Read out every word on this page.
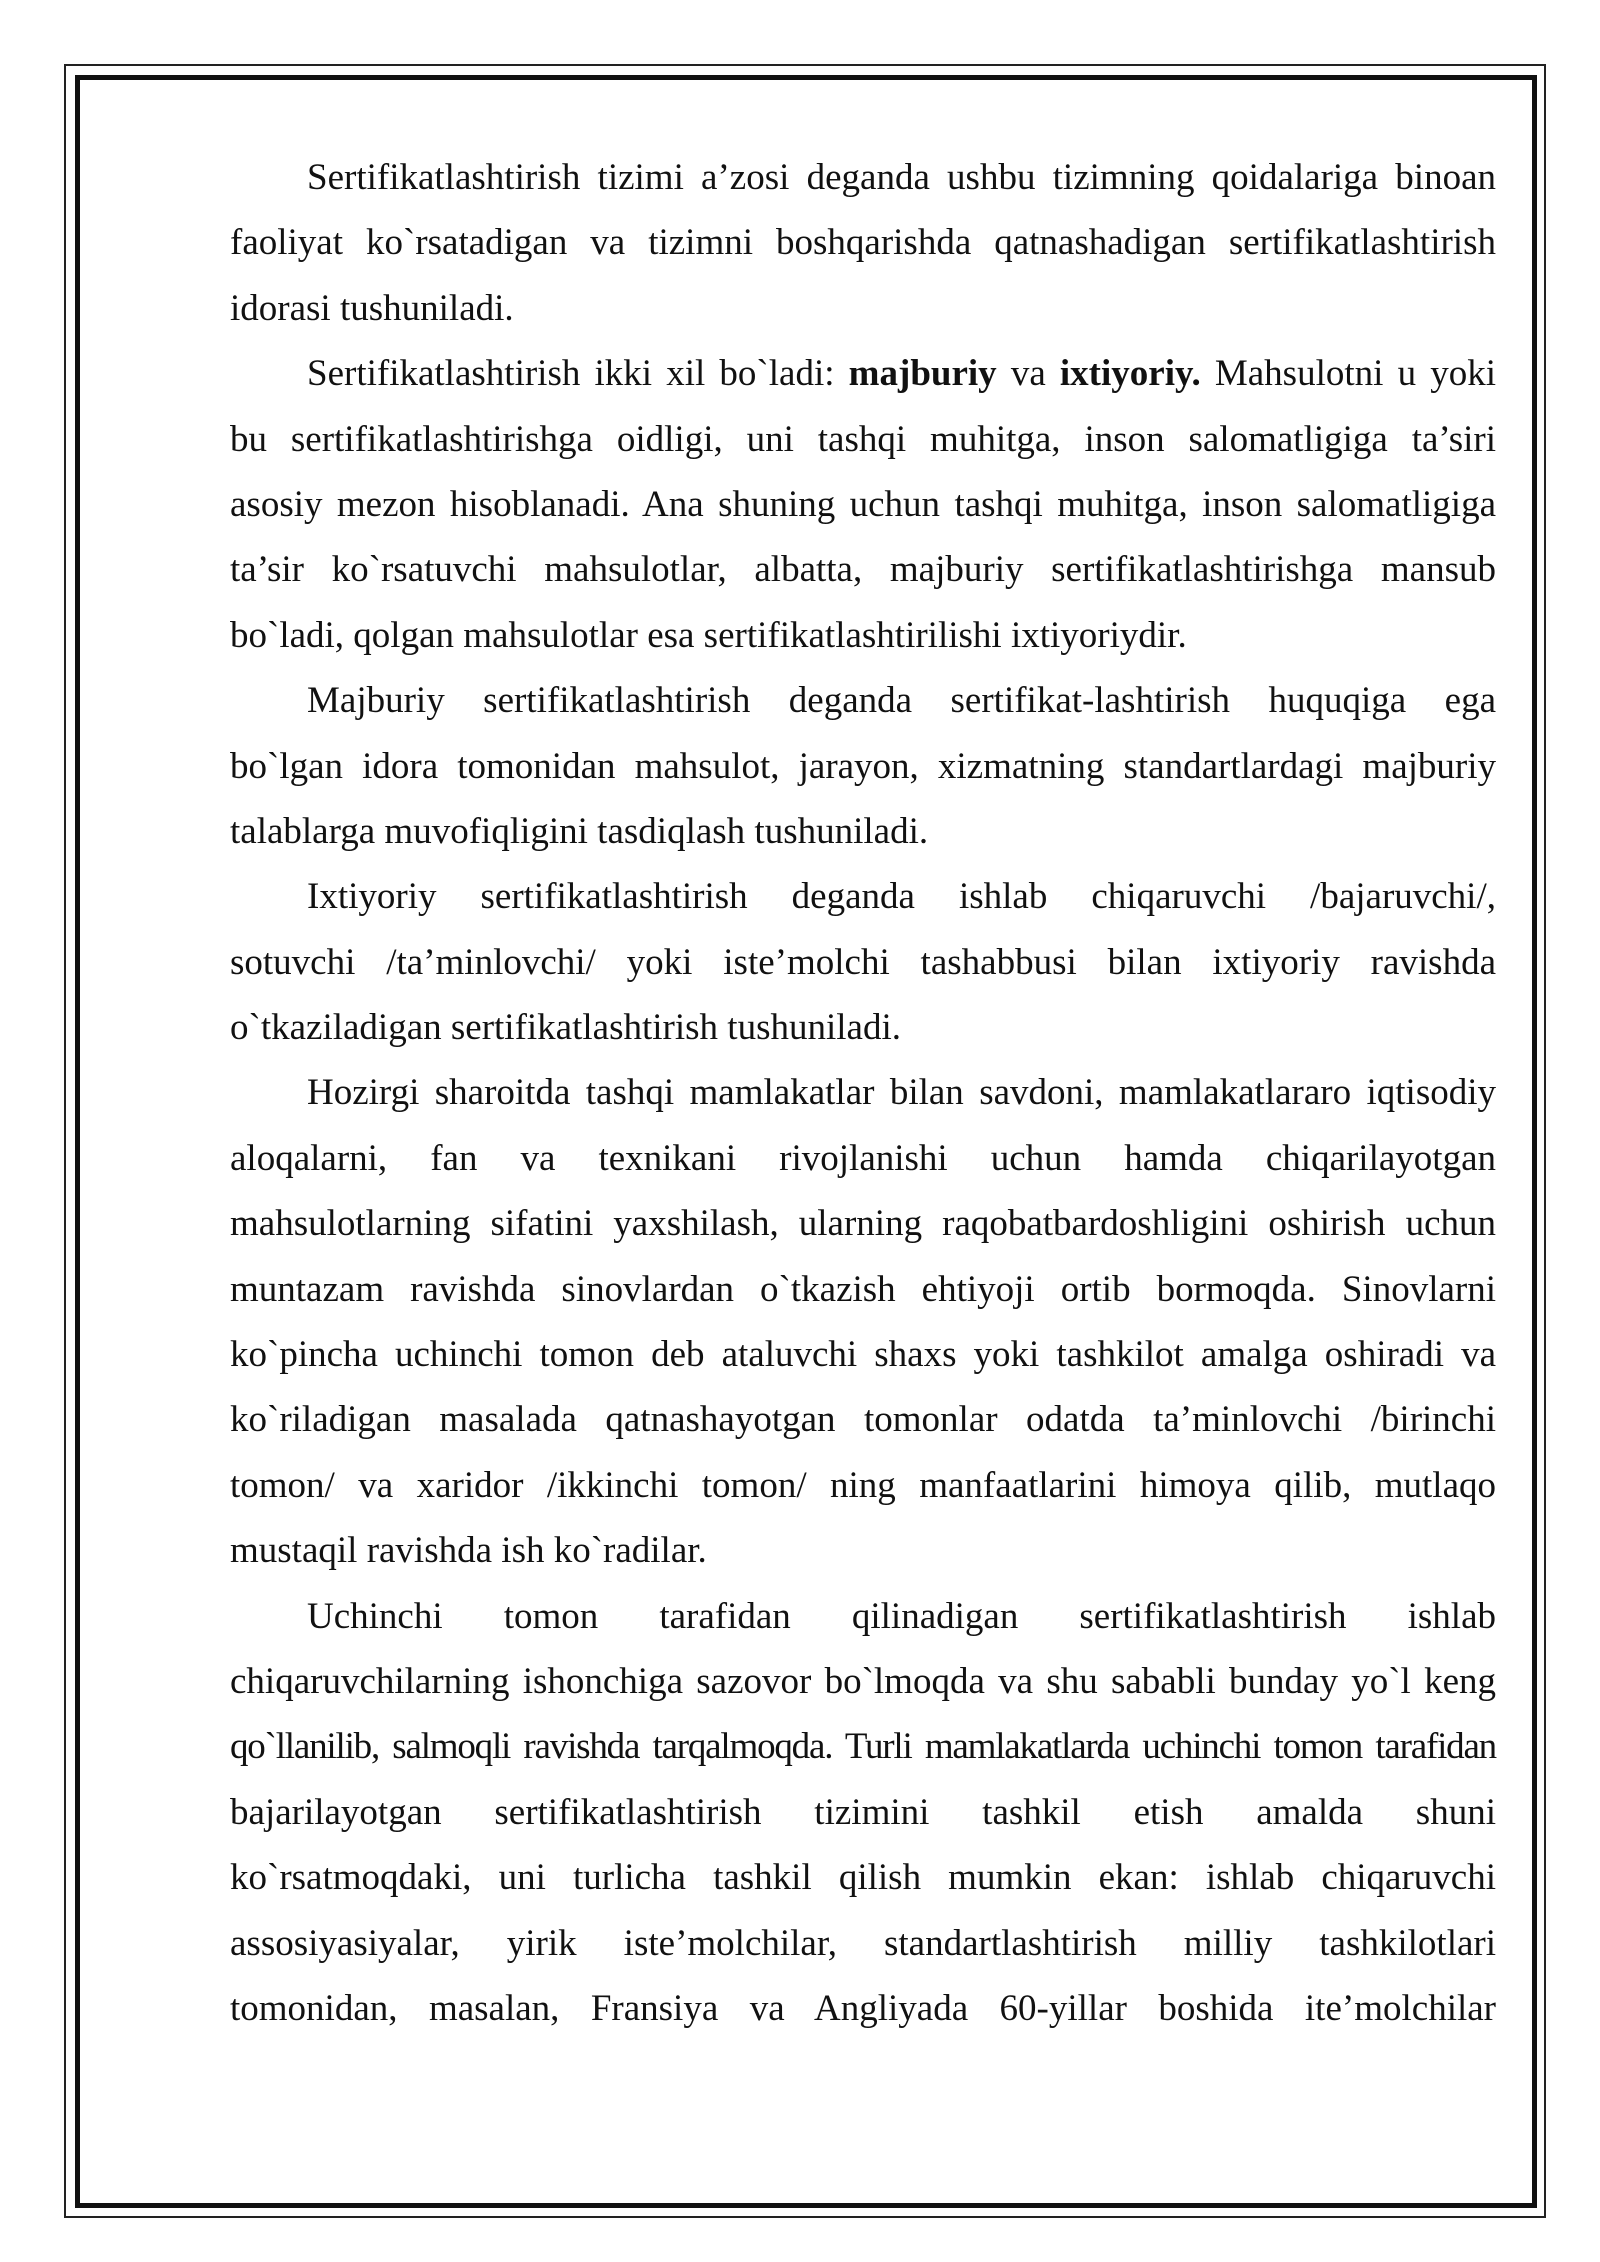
Sertifikatlashtirish tizimi a’zosi deganda ushbu tizimning qoidalariga binoan
faoliyat ko`rsatadigan va tizimni boshqarishda qatnashadigan sertifikatlashtirish
idorasi tushuniladi.
Sertifikatlashtirish ikki xil bo`ladi: majburiy va ixtiyoriy. Mahsulotni u yoki
bu sertifikatlashtirishga oidligi, uni tashqi muhitga, inson salomatligiga ta’siri
asosiy mezon hisoblanadi. Ana shuning uchun tashqi muhitga, inson salomatligiga
ta’sir ko`rsatuvchi mahsulotlar, albatta, majburiy sertifikatlashtirishga mansub
bo`ladi, qolgan mahsulotlar esa sertifikatlashtirilishi ixtiyoriydir.
Majburiy sertifikatlashtirish deganda sertifikat-lashtirish huquqiga ega
bo`lgan idora tomonidan mahsulot, jarayon, xizmatning standartlardagi majburiy
talablarga muvofiqligini tasdiqlash tushuniladi.
Ixtiyoriy sertifikatlashtirish deganda ishlab chiqaruvchi /bajaruvchi/,
sotuvchi /ta’minlovchi/ yoki iste’molchi tashabbusi bilan ixtiyoriy ravishda
o`tkaziladigan sertifikatlashtirish tushuniladi.
Hozirgi sharoitda tashqi mamlakatlar bilan savdoni, mamlakatlararo iqtisodiy
aloqalarni, fan va texnikani rivojlanishi uchun hamda chiqarilayotgan
mahsulotlarning sifatini yaxshilash, ularning raqobatbardoshligini oshirish uchun
muntazam ravishda sinovlardan o`tkazish ehtiyoji ortib bormoqda. Sinovlarni
ko`pincha uchinchi tomon deb ataluvchi shaxs yoki tashkilot amalga oshiradi va
ko`riladigan masalada qatnashayotgan tomonlar odatda ta’minlovchi /birinchi
tomon/ va xaridor /ikkinchi tomon/ ning manfaatlarini himoya qilib, mutlaqo
mustaqil ravishda ish ko`radilar.
Uchinchi tomon tarafidan qilinadigan sertifikatlashtirish ishlab
chiqaruvchilarning ishonchiga sazovor bo`lmoqda va shu sababli bunday yo`l keng
qo`llanilib, salmoqli ravishda tarqalmoqda. Turli mamlakatlarda uchinchi tomon tarafidan
bajarilayotgan sertifikatlashtirish tizimini tashkil etish amalda shuni
ko`rsatmoqdaki, uni turlicha tashkil qilish mumkin ekan: ishlab chiqaruvchi
assosiyasiyalar, yirik iste’molchilar, standartlashtirish milliy tashkilotlari
tomonidan, masalan, Fransiya va Angliyada 60-yillar boshida ite’molchilar
